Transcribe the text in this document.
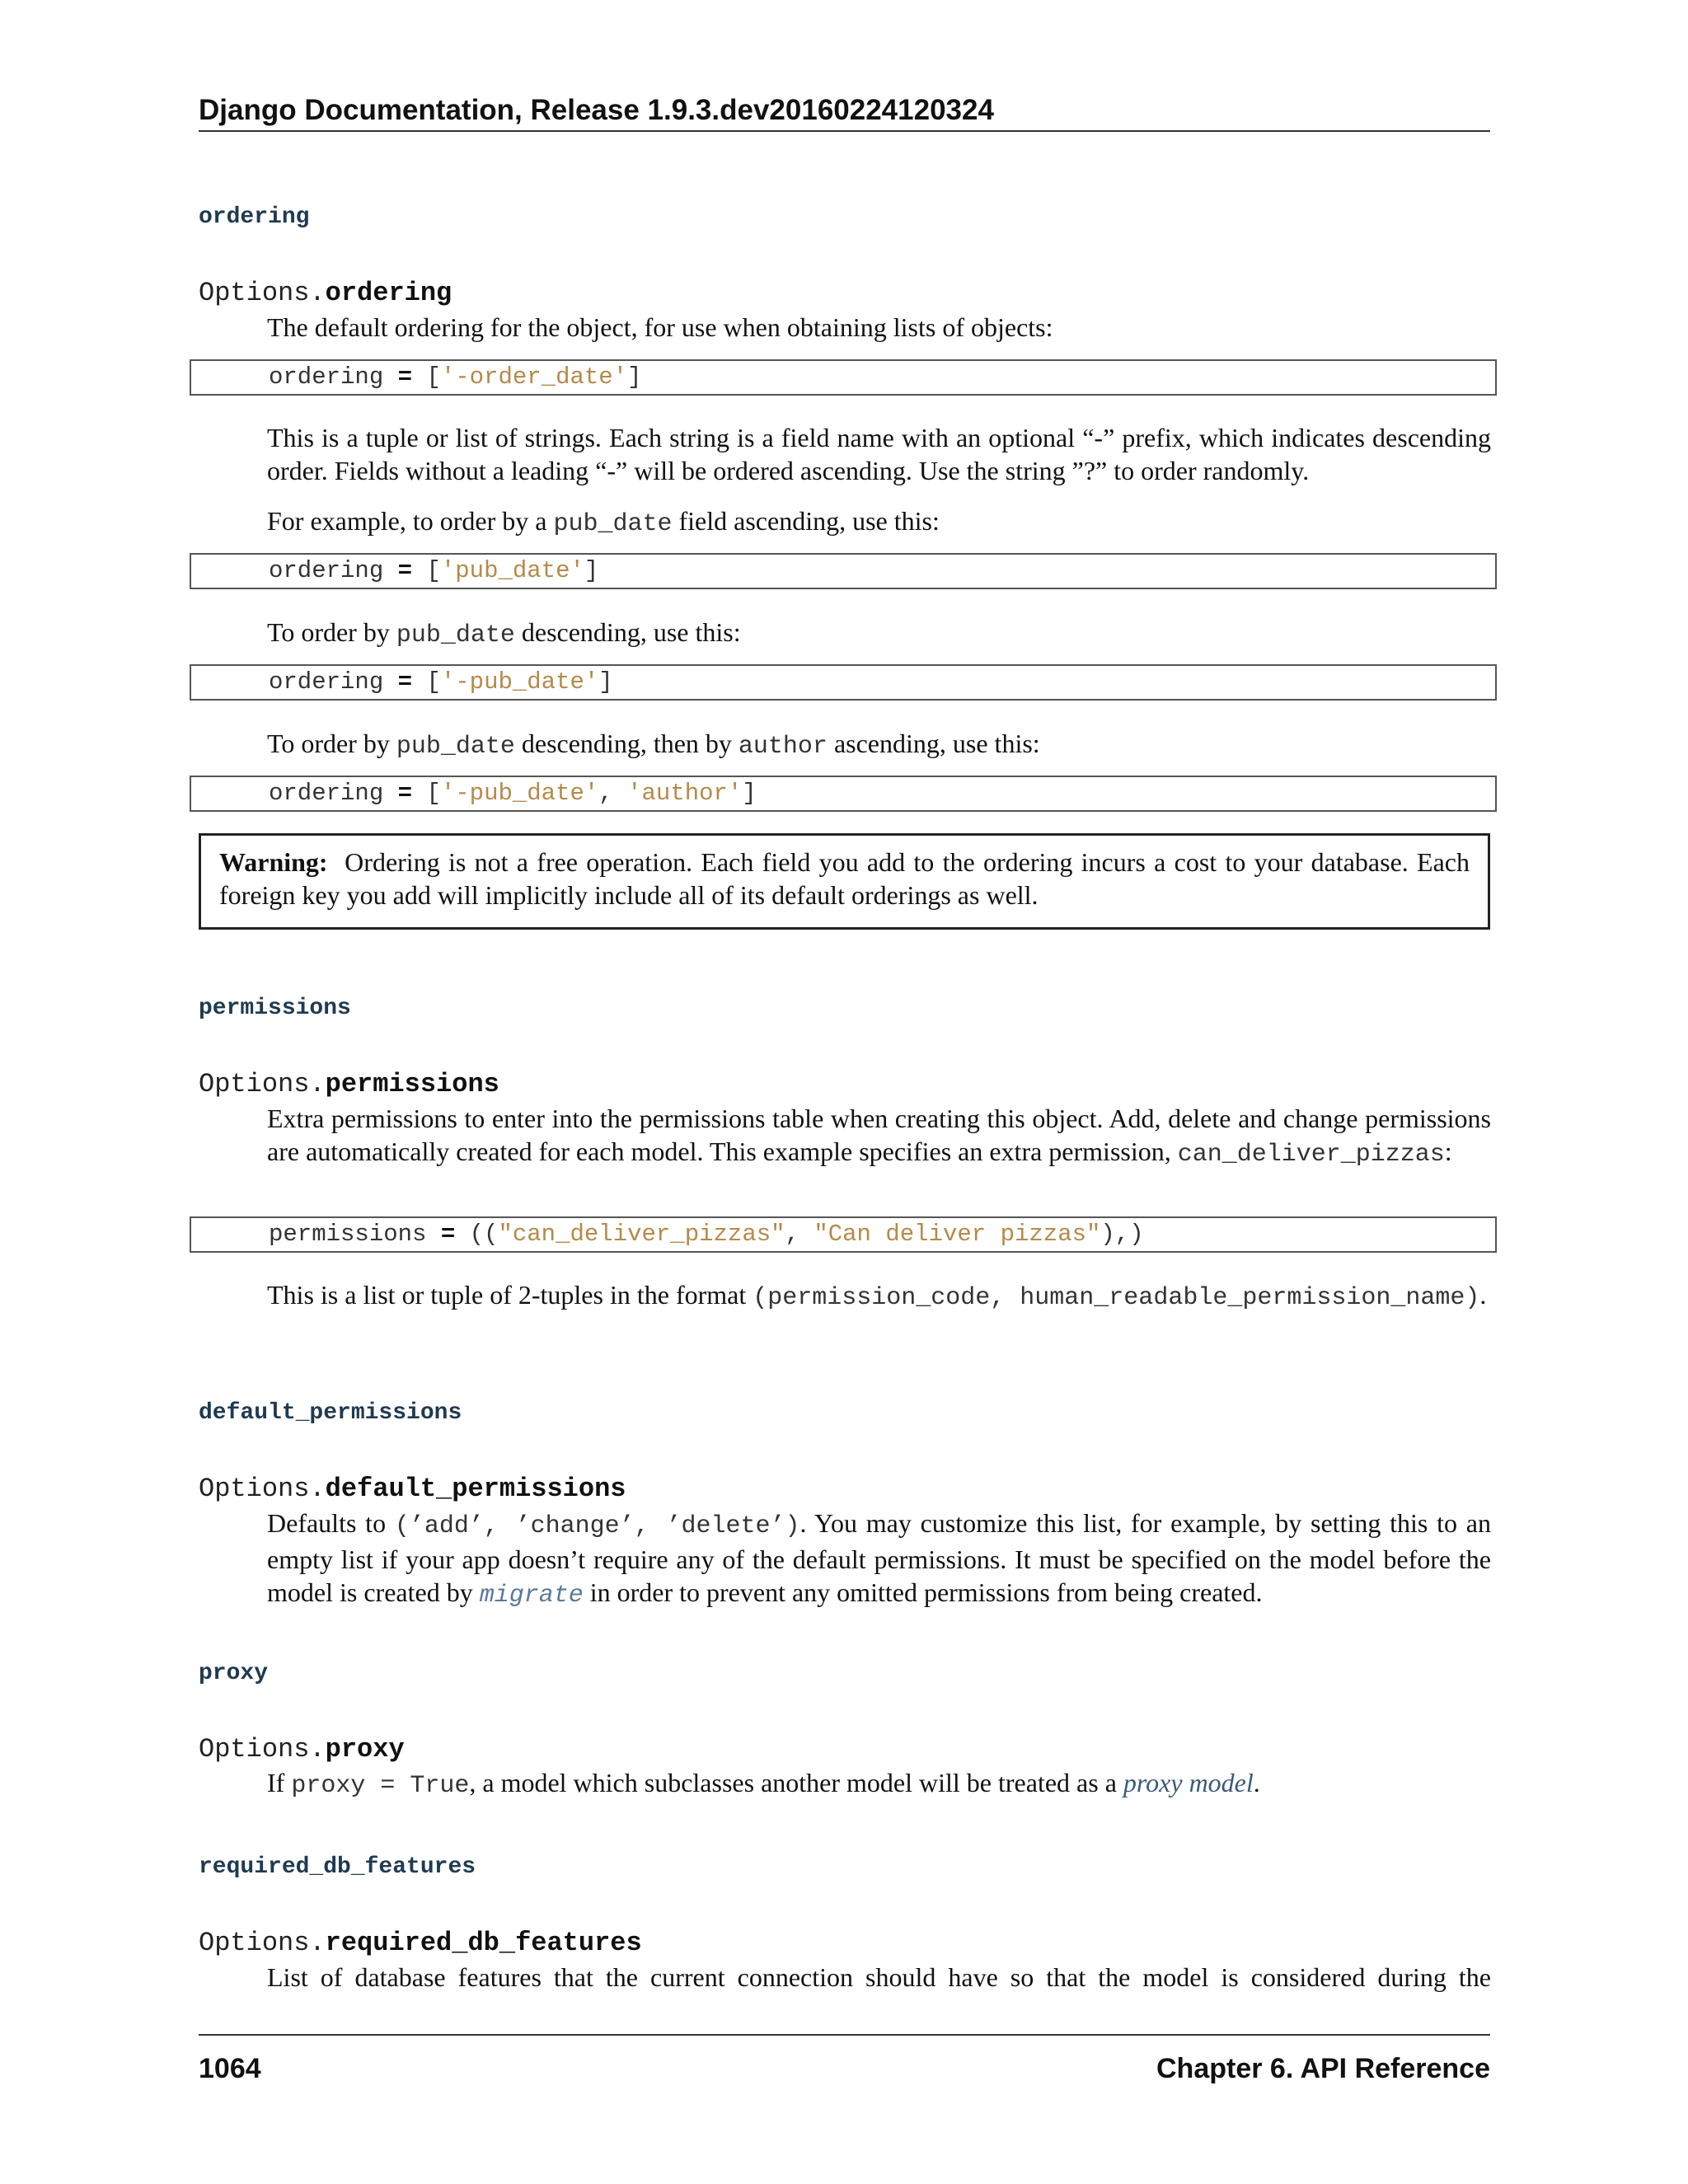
Django Documentation, Release 1.9.3.dev20160224120324
ordering
Options.ordering
The default ordering for the object, for use when obtaining lists of objects:
ordering = ['-order_date']
This is a tuple or list of strings. Each string is a field name with an optional “-” prefix, which indicates descending order. Fields without a leading “-” will be ordered ascending. Use the string ”?” to order randomly.
For example, to order by a pub_date field ascending, use this:
ordering = ['pub_date']
To order by pub_date descending, use this:
ordering = ['-pub_date']
To order by pub_date descending, then by author ascending, use this:
ordering = ['-pub_date', 'author']
Warning: Ordering is not a free operation. Each field you add to the ordering incurs a cost to your database. Each foreign key you add will implicitly include all of its default orderings as well.
permissions
Options.permissions
Extra permissions to enter into the permissions table when creating this object. Add, delete and change permissions are automatically created for each model. This example specifies an extra permission, can_deliver_pizzas:
permissions = (("can_deliver_pizzas", "Can deliver pizzas"),)
This is a list or tuple of 2-tuples in the format (permission_code, human_readable_permission_name).
default_permissions
Options.default_permissions
Defaults to (’add’, ’change’, ’delete’). You may customize this list, for example, by setting this to an empty list if your app doesn’t require any of the default permissions. It must be specified on the model before the model is created by migrate in order to prevent any omitted permissions from being created.
proxy
Options.proxy
If proxy = True, a model which subclasses another model will be treated as a proxy model.
required_db_features
Options.required_db_features
List of database features that the current connection should have so that the model is considered during the
1064	Chapter 6. API Reference
